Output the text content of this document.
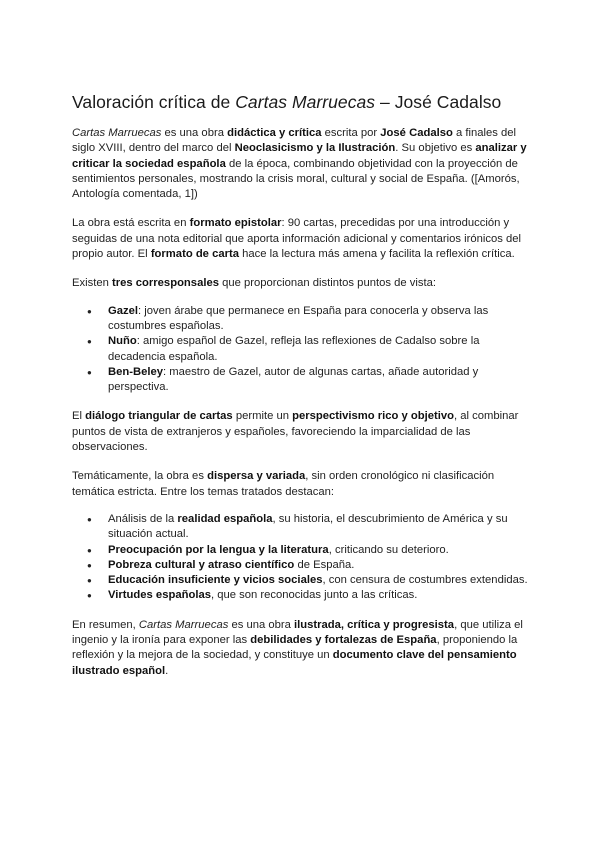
Valoración crítica de Cartas Marruecas – José Cadalso

Cartas Marruecas es una obra didáctica y crítica escrita por José Cadalso a finales del siglo XVIII, dentro del marco del Neoclasicismo y la Ilustración. Su objetivo es analizar y criticar la sociedad española de la época, combinando objetividad con la proyección de sentimientos personales, mostrando la crisis moral, cultural y social de España. ([Amorós, Antología comentada, 1])

La obra está escrita en formato epistolar: 90 cartas, precedidas por una introducción y seguidas de una nota editorial que aporta información adicional y comentarios irónicos del propio autor. El formato de carta hace la lectura más amena y facilita la reflexión crítica.

Existen tres corresponsales que proporcionan distintos puntos de vista:

● Gazel: joven árabe que permanece en España para conocerla y observa las costumbres españolas.
● Nuño: amigo español de Gazel, refleja las reflexiones de Cadalso sobre la decadencia española.
● Ben-Beley: maestro de Gazel, autor de algunas cartas, añade autoridad y perspectiva.

El diálogo triangular de cartas permite un perspectivismo rico y objetivo, al combinar puntos de vista de extranjeros y españoles, favoreciendo la imparcialidad de las observaciones.

Temáticamente, la obra es dispersa y variada, sin orden cronológico ni clasificación temática estricta. Entre los temas tratados destacan:

● Análisis de la realidad española, su historia, el descubrimiento de América y su situación actual.
● Preocupación por la lengua y la literatura, criticando su deterioro.
● Pobreza cultural y atraso científico de España.
● Educación insuficiente y vicios sociales, con censura de costumbres extendidas.
● Virtudes españolas, que son reconocidas junto a las críticas.

En resumen, Cartas Marruecas es una obra ilustrada, crítica y progresista, que utiliza el ingenio y la ironía para exponer las debilidades y fortalezas de España, proponiendo la reflexión y la mejora de la sociedad, y constituye un documento clave del pensamiento ilustrado español.
